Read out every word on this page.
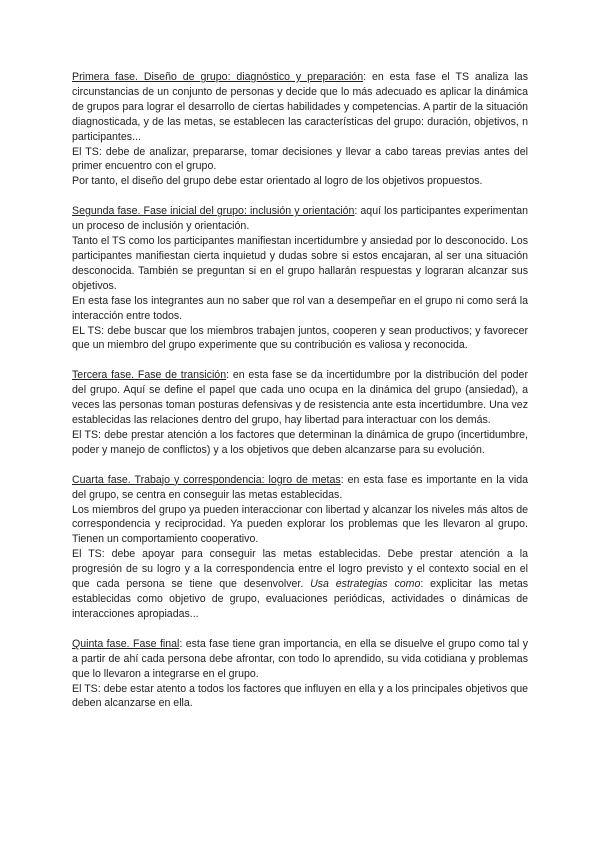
Primera fase. Diseño de grupo: diagnóstico y preparación: en esta fase el TS analiza las circunstancias de un conjunto de personas y decide que lo más adecuado es aplicar la dinámica de grupos para lograr el desarrollo de ciertas habilidades y competencias. A partir de la situación diagnosticada, y de las metas, se establecen las características del grupo: duración, objetivos, n participantes...

El TS: debe de analizar, prepararse, tomar decisiones y llevar a cabo tareas previas antes del primer encuentro con el grupo.

Por tanto, el diseño del grupo debe estar orientado al logro de los objetivos propuestos.

Segunda fase. Fase inicial del grupo: inclusión y orientación: aquí los participantes experimentan un proceso de inclusión y orientación.

Tanto el TS como los participantes manifiestan incertidumbre y ansiedad por lo desconocido. Los participantes manifiestan cierta inquietud y dudas sobre si estos encajaran, al ser una situación desconocida. También se preguntan si en el grupo hallarán respuestas y lograran alcanzar sus objetivos.

En esta fase los integrantes aun no saber que rol van a desempeñar en el grupo ni como será la interacción entre todos.

EL TS: debe buscar que los miembros trabajen juntos, cooperen y sean productivos; y favorecer que un miembro del grupo experimente que su contribución es valiosa y reconocida.

Tercera fase. Fase de transición: en esta fase se da incertidumbre por la distribución del poder del grupo. Aquí se define el papel que cada uno ocupa en la dinámica del grupo (ansiedad), a veces las personas toman posturas defensivas y de resistencia ante esta incertidumbre. Una vez establecidas las relaciones dentro del grupo, hay libertad para interactuar con los demás.

El TS: debe prestar atención a los factores que determinan la dinámica de grupo (incertidumbre, poder y manejo de conflictos) y a los objetivos que deben alcanzarse para su evolución.

Cuarta fase. Trabajo y correspondencia: logro de metas: en esta fase es importante en la vida del grupo, se centra en conseguir las metas establecidas.

Los miembros del grupo ya pueden interaccionar con libertad y alcanzar los niveles más altos de correspondencia y reciprocidad. Ya pueden explorar los problemas que les llevaron al grupo. Tienen un comportamiento cooperativo.

El TS: debe apoyar para conseguir las metas establecidas. Debe prestar atención a la progresión de su logro y a la correspondencia entre el logro previsto y el contexto social en el que cada persona se tiene que desenvolver. Usa estrategias como: explicitar las metas establecidas como objetivo de grupo, evaluaciones periódicas, actividades o dinámicas de interacciones apropiadas...

Quinta fase. Fase final: esta fase tiene gran importancia, en ella se disuelve el grupo como tal y a partir de ahí cada persona debe afrontar, con todo lo aprendido, su vida cotidiana y problemas que lo llevaron a integrarse en el grupo.

El TS: debe estar atento a todos los factores que influyen en ella y a los principales objetivos que deben alcanzarse en ella.
